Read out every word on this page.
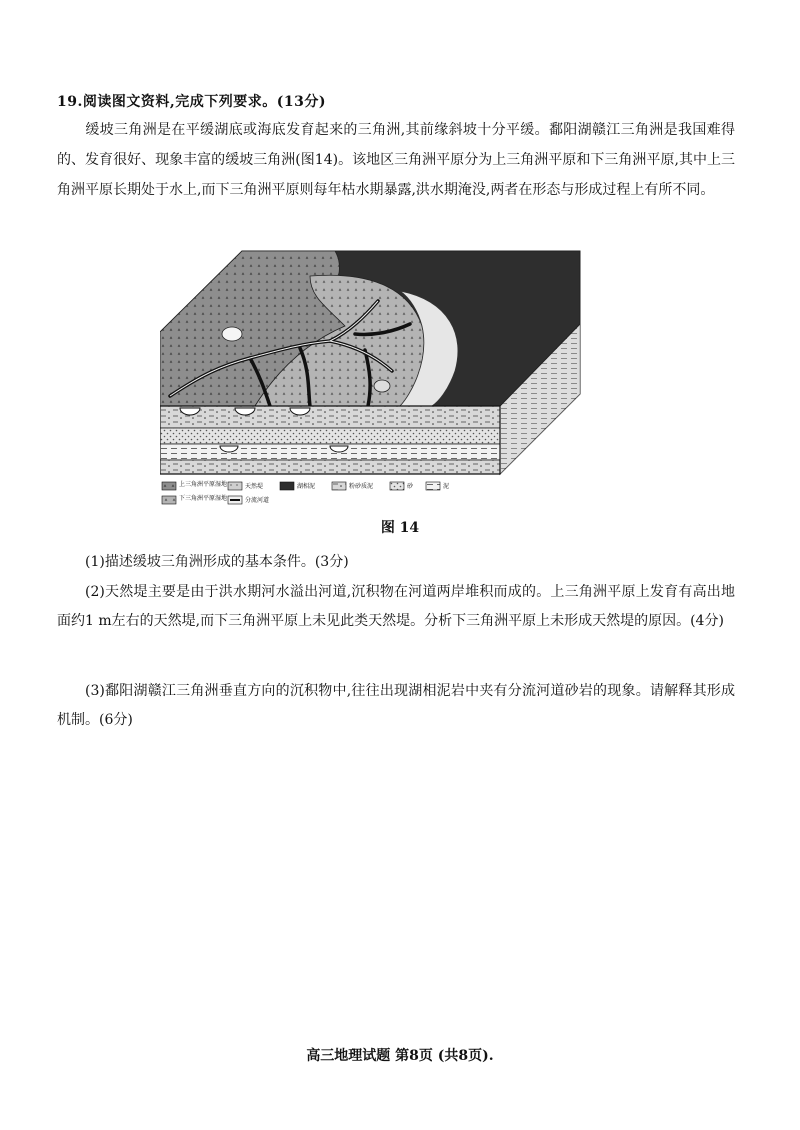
19.阅读图文资料,完成下列要求。(13分)

缓坡三角洲是在平缓湖底或海底发育起来的三角洲,其前缘斜坡十分平缓。鄱阳湖赣江三角洲是我国难得的、发育很好、现象丰富的缓坡三角洲(图14)。该地区三角洲平原分为上三角洲平原和下三角洲平原,其中上三角洲平原长期处于水上,而下三角洲平原则每年枯水期暴露,洪水期淹没,两者在形态与形成过程上有所不同。

上三角洲平原湿地	天然堤	湖相泥	粉砂质泥	砂	泥
下三角洲平原湿地	分流河道
图 14

(1)描述缓坡三角洲形成的基本条件。(3分)

(2)天然堤主要是由于洪水期河水溢出河道,沉积物在河道两岸堆积而成的。上三角洲平原上发育有高出地面约1 m左右的天然堤,而下三角洲平原上未见此类天然堤。分析下三角洲平原上未形成天然堤的原因。(4分)

(3)鄱阳湖赣江三角洲垂直方向的沉积物中,往往出现湖相泥岩中夹有分流河道砂岩的现象。请解释其形成机制。(6分)

高三地理试题 第8页 (共8页).
